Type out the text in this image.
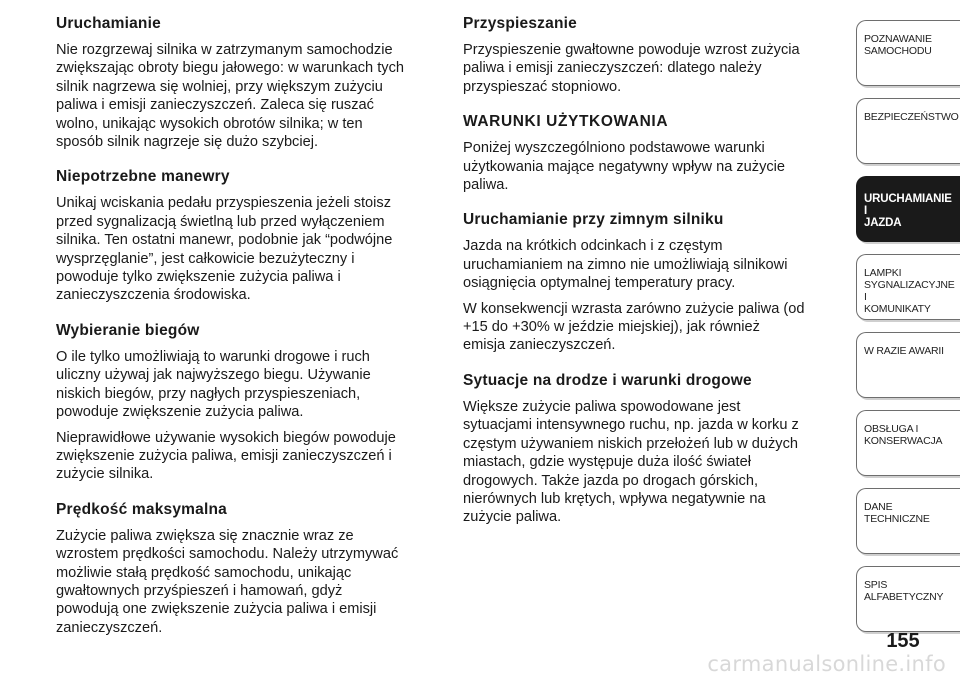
Uruchamianie
Nie rozgrzewaj silnika w zatrzymanym samochodzie
zwiększając obroty biegu jałowego: w warunkach tych
silnik nagrzewa się wolniej, przy większym zużyciu
paliwa i emisji zanieczyszczeń. Zaleca się ruszać
wolno, unikając wysokich obrotów silnika; w ten
sposób silnik nagrzeje się dużo szybciej.
Niepotrzebne manewry
Unikaj wciskania pedału przyspieszenia jeżeli stoisz
przed sygnalizacją świetlną lub przed wyłączeniem
silnika. Ten ostatni manewr, podobnie jak “podwójne
wysprzęglanie”, jest całkowicie bezużyteczny i
powoduje tylko zwiększenie zużycia paliwa i
zanieczyszczenia środowiska.
Wybieranie biegów
O ile tylko umożliwiają to warunki drogowe i ruch
uliczny używaj jak najwyższego biegu. Używanie
niskich biegów, przy nagłych przyspieszeniach,
powoduje zwiększenie zużycia paliwa.
Nieprawidłowe używanie wysokich biegów powoduje
zwiększenie zużycia paliwa, emisji zanieczyszczeń i
zużycie silnika.
Prędkość maksymalna
Zużycie paliwa zwiększa się znacznie wraz ze
wzrostem prędkości samochodu. Należy utrzymywać
możliwie stałą prędkość samochodu, unikając
gwałtownych przyśpieszeń i hamowań, gdyż
powodują one zwiększenie zużycia paliwa i emisji
zanieczyszczeń.
Przyspieszanie
Przyspieszenie gwałtowne powoduje wzrost zużycia
paliwa i emisji zanieczyszczeń: dlatego należy
przyspieszać stopniowo.
WARUNKI UŻYTKOWANIA
Poniżej wyszczególniono podstawowe warunki
użytkowania mające negatywny wpływ na zużycie
paliwa.
Uruchamianie przy zimnym silniku
Jazda na krótkich odcinkach i z częstym
uruchamianiem na zimno nie umożliwiają silnikowi
osiągnięcia optymalnej temperatury pracy.
W konsekwencji wzrasta zarówno zużycie paliwa (od
+15 do +30% w jeździe miejskiej), jak również
emisja zanieczyszczeń.
Sytuacje na drodze i warunki drogowe
Większe zużycie paliwa spowodowane jest
sytuacjami intensywnego ruchu, np. jazda w korku z
częstym używaniem niskich przełożeń lub w dużych
miastach, gdzie występuje duża ilość świateł
drogowych. Także jazda po drogach górskich,
nierównych lub krętych, wpływa negatywnie na
zużycie paliwa.
POZNAWANIE
SAMOCHODU
BEZPIECZEŃSTWO
URUCHAMIANIE I
JAZDA
LAMPKI
SYGNALIZACYJNE I
KOMUNIKATY
W RAZIE AWARII
OBSŁUGA I
KONSERWACJA
DANE TECHNICZNE
SPIS ALFABETYCZNY
155
carmanualsonline.info
